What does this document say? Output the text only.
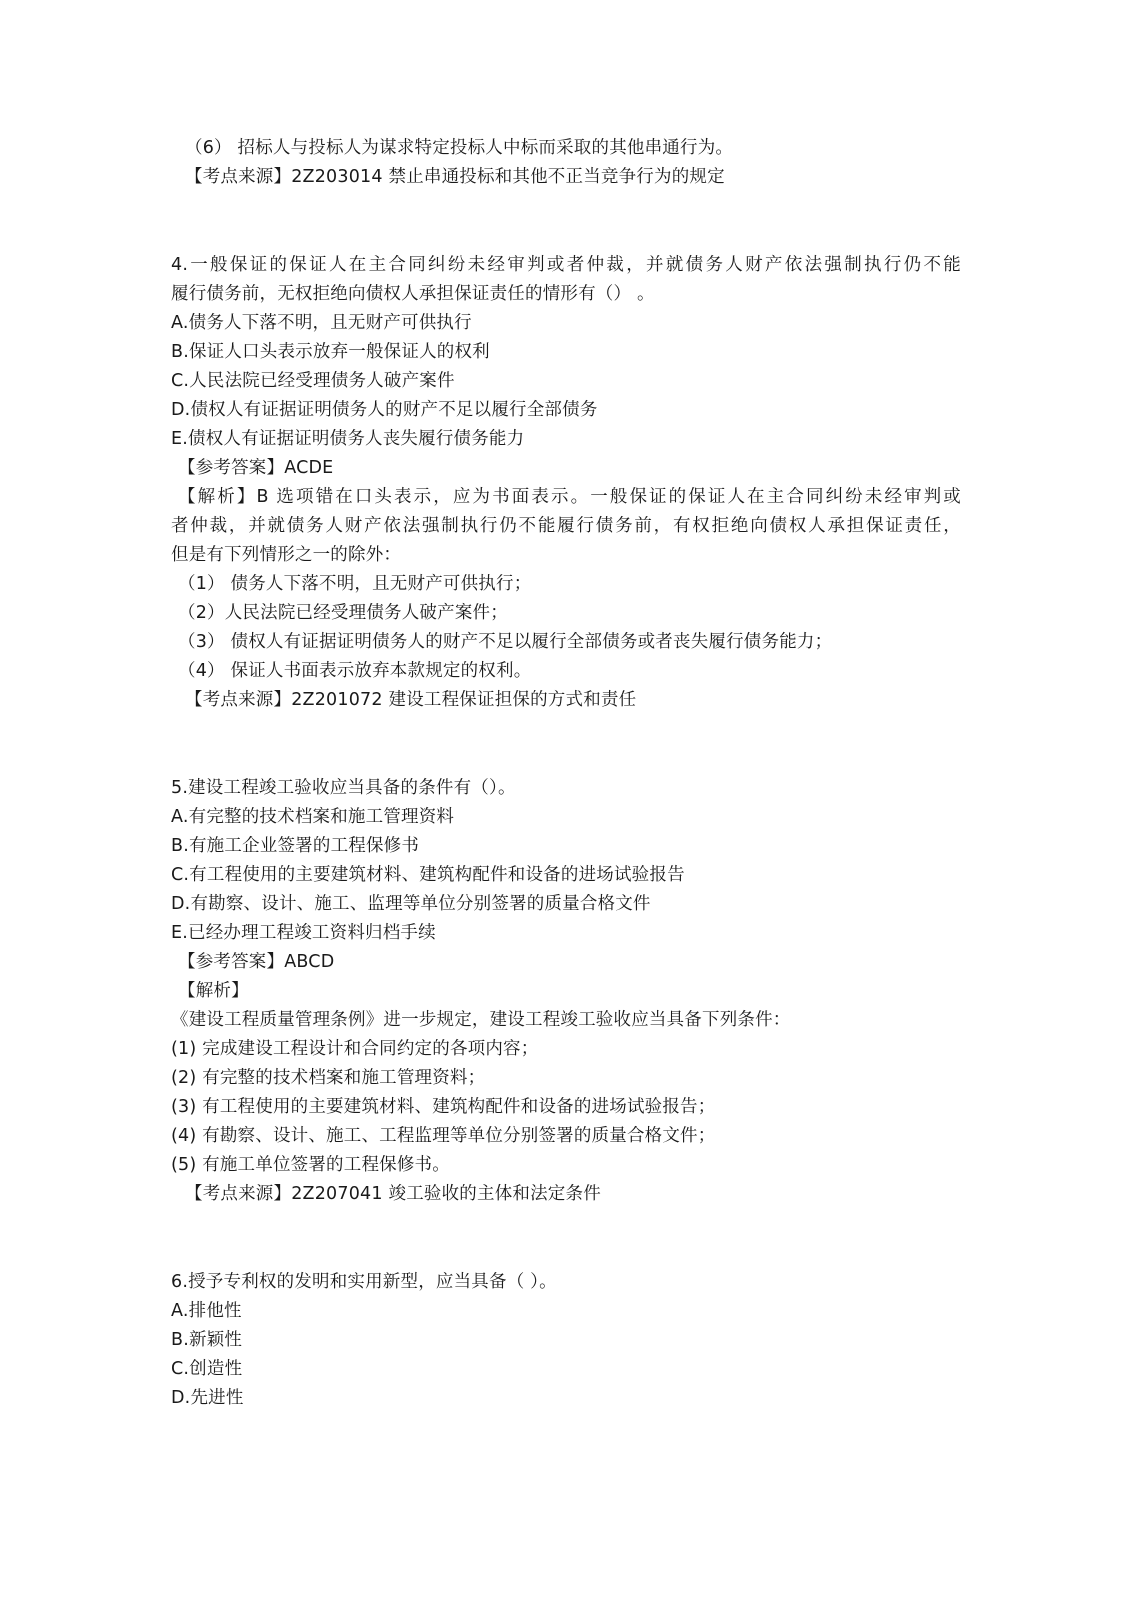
（6） 招标人与投标人为谋求特定投标人中标而采取的其他串通行为。
【考点来源】2Z203014 禁止串通投标和其他不正当竞争行为的规定
4.一般保证的保证人在主合同纠纷未经审判或者仲裁，并就债务人财产依法强制执行仍不能
履行债务前，无权拒绝向债权人承担保证责任的情形有（） 。
A.债务人下落不明，且无财产可供执行
B.保证人口头表示放弃一般保证人的权利
C.人民法院已经受理债务人破产案件
D.债权人有证据证明债务人的财产不足以履行全部债务
E.债权人有证据证明债务人丧失履行债务能力
【参考答案】ACDE
【解析】B 选项错在口头表示，应为书面表示。一般保证的保证人在主合同纠纷未经审判或
者仲裁，并就债务人财产依法强制执行仍不能履行债务前，有权拒绝向债权人承担保证责任，
但是有下列情形之一的除外：
（1） 债务人下落不明，且无财产可供执行；
（2）人民法院已经受理债务人破产案件；
（3） 债权人有证据证明债务人的财产不足以履行全部债务或者丧失履行债务能力；
（4） 保证人书面表示放弃本款规定的权利。
【考点来源】2Z201072 建设工程保证担保的方式和责任
5.建设工程竣工验收应当具备的条件有（）。
A.有完整的技术档案和施工管理资料
B.有施工企业签署的工程保修书
C.有工程使用的主要建筑材料、建筑构配件和设备的进场试验报告
D.有勘察、设计、施工、监理等单位分别签署的质量合格文件
E.已经办理工程竣工资料归档手续
【参考答案】ABCD
【解析】
《建设工程质量管理条例》进一步规定，建设工程竣工验收应当具备下列条件：
(1) 完成建设工程设计和合同约定的各项内容；
(2) 有完整的技术档案和施工管理资料；
(3) 有工程使用的主要建筑材料、建筑构配件和设备的进场试验报告；
(4) 有勘察、设计、施工、工程监理等单位分别签署的质量合格文件；
(5) 有施工单位签署的工程保修书。
【考点来源】2Z207041 竣工验收的主体和法定条件
6.授予专利权的发明和实用新型，应当具备（ ）。
A.排他性
B.新颖性
C.创造性
D.先进性
